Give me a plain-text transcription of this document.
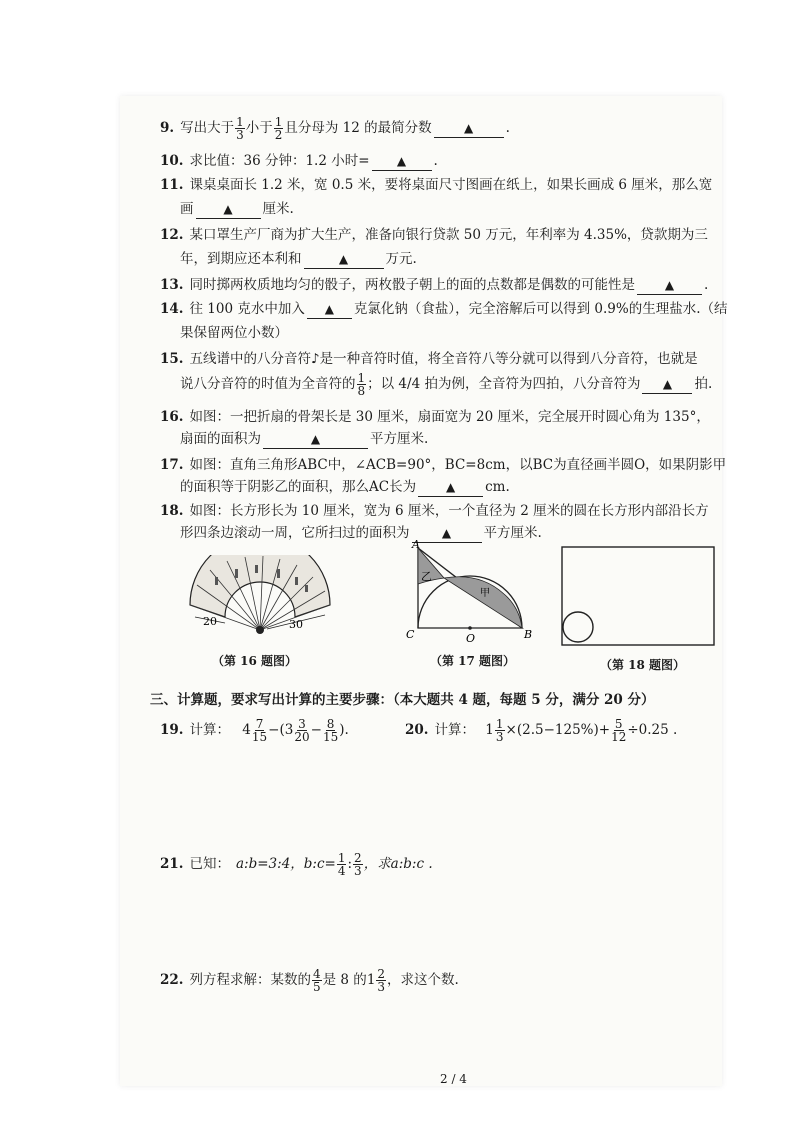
9. 写出大于 $\frac{1}{3}$ 小于 $\frac{1}{2}$ 且分母为 12 的最简分数	▲ .
10. 求比值：36 分钟：1.2 小时= ▲ .
11. 课桌桌面长 1.2 米，宽 0.5 米，要将桌面尺寸图画在纸上，如果长画成 6 厘米，那么宽
画 ▲ 厘米.
12. 某口罩生产厂商为扩大生产，准备向银行贷款 50 万元，年利率为 4.35%，贷款期为三
年，到期应还本利和	▲	万元.
13. 同时掷两枚质地均匀的骰子，两枚骰子朝上的面的点数都是偶数的可能性是 ▲ .
14. 往 100 克水中加入 ▲ 克氯化钠（食盐），完全溶解后可以得到 0.9%的生理盐水.（结
果保留两位小数）
15. 五线谱中的八分音符♪是一种音符时值，将全音符八等分就可以得到八分音符，也就是
说八分音符的时值为全音符的 $\frac{1}{8}$ ；以 4/4 拍为例，全音符为四拍，八分音符为 ▲ 拍.
16. 如图：一把折扇的骨架长是 30 厘米，扇面宽为 20 厘米，完全展开时圆心角为 135°，
扇面的面积为	▲	平方厘米.
17. 如图：直角三角形ABC中，∠ACB=90°，BC=8cm，以BC为直径画半圆O，如果阴影甲
的面积等于阴影乙的面积，那么AC长为 ▲ cm.
18. 如图：长方形长为 10 厘米，宽为 6 厘米，一个直径为 2 厘米的圆在长方形内部沿长方
形四条边滚动一周，它所扫过的面积为	▲ 平方厘米.
20	30
（第 16 题图）
A
B
C	O
乙
甲
（第 17 题图）	（第 18 题图）
三、计算题，要求写出计算的主要步骤：（本大题共 4 题，每题 5 分，满分 20 分）
19. 计算： $4 \frac{7}{15} -(3 \frac{3}{20} - \frac{8}{15}$ ).	20. 计算： $1 \frac{1}{3} \times(2.5-125\%)+ \frac{5}{12} \div 0.25$ .
21. 已知： a:b=3:4，b:c= $\frac{1}{4}$ : $\frac{2}{3}$ ，求a:b:c .
22. 列方程求解：某数的 $\frac{4}{5}$ 是 8 的$1 \frac{2}{3}$ ，求这个数.
2 / 4
